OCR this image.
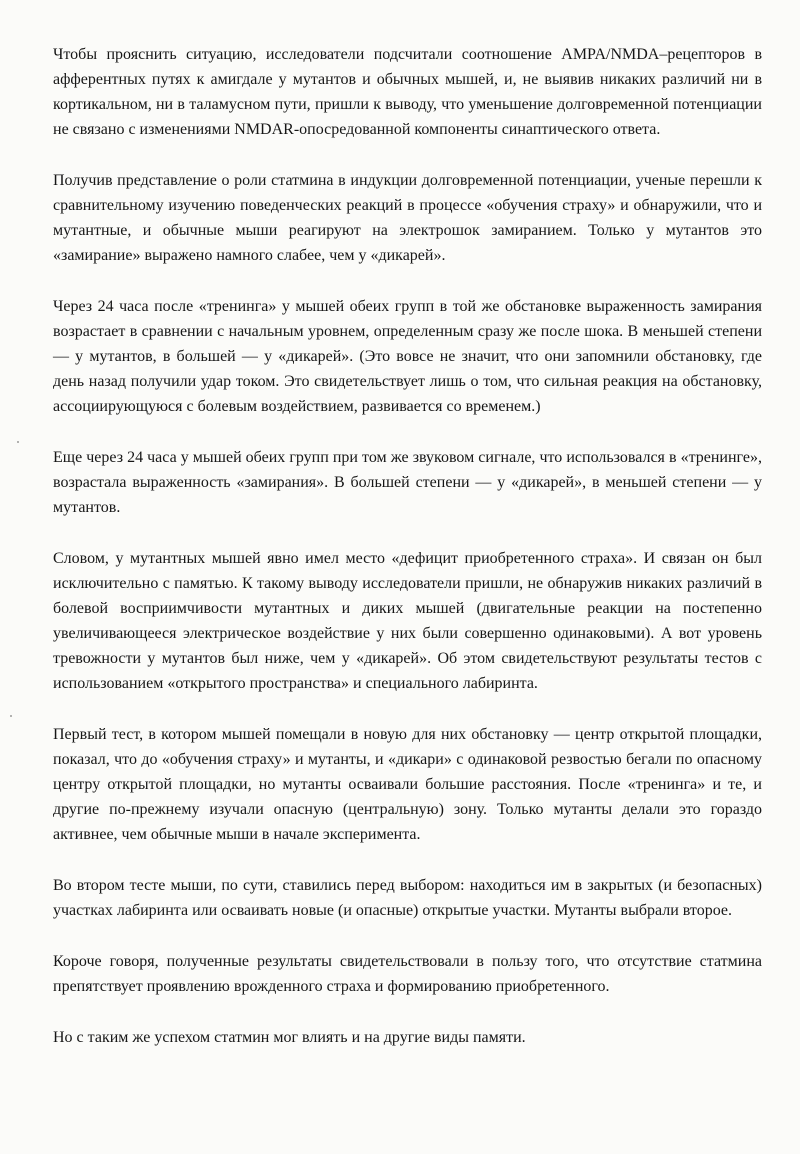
Чтобы прояснить ситуацию, исследователи подсчитали соотношение AMPA/NMDA–рецепторов в афферентных путях к амигдале у мутантов и обычных мышей, и, не выявив никаких различий ни в кортикальном, ни в таламусном пути, пришли к выводу, что уменьшение долговременной потенциации не связано с изменениями NMDAR-опосредованной компоненты синаптического ответа.

Получив представление о роли статмина в индукции долговременной потенциации, ученые перешли к сравнительному изучению поведенческих реакций в процессе «обучения страху» и обнаружили, что и мутантные, и обычные мыши реагируют на электрошок замиранием. Только у мутантов это «замирание» выражено намного слабее, чем у «дикарей».

Через 24 часа после «тренинга» у мышей обеих групп в той же обстановке выраженность замирания возрастает в сравнении с начальным уровнем, определенным сразу же после шока. В меньшей степени — у мутантов, в большей — у «дикарей». (Это вовсе не значит, что они запомнили обстановку, где день назад получили удар током. Это свидетельствует лишь о том, что сильная реакция на обстановку, ассоциирующуюся с болевым воздействием, развивается со временем.)

Еще через 24 часа у мышей обеих групп при том же звуковом сигнале, что использовался в «тренинге», возрастала выраженность «замирания». В большей степени — у «дикарей», в меньшей степени — у мутантов.

Словом, у мутантных мышей явно имел место «дефицит приобретенного страха». И связан он был исключительно с памятью. К такому выводу исследователи пришли, не обнаружив никаких различий в болевой восприимчивости мутантных и диких мышей (двигательные реакции на постепенно увеличивающееся электрическое воздействие у них были совершенно одинаковыми). А вот уровень тревожности у мутантов был ниже, чем у «дикарей». Об этом свидетельствуют результаты тестов с использованием «открытого пространства» и специального лабиринта.

Первый тест, в котором мышей помещали в новую для них обстановку — центр открытой площадки, показал, что до «обучения страху» и мутанты, и «дикари» с одинаковой резвостью бегали по опасному центру открытой площадки, но мутанты осваивали большие расстояния. После «тренинга» и те, и другие по-прежнему изучали опасную (центральную) зону. Только мутанты делали это гораздо активнее, чем обычные мыши в начале эксперимента.

Во втором тесте мыши, по сути, ставились перед выбором: находиться им в закрытых (и безопасных) участках лабиринта или осваивать новые (и опасные) открытые участки. Мутанты выбрали второе.

Короче говоря, полученные результаты свидетельствовали в пользу того, что отсутствие статмина препятствует проявлению врожденного страха и формированию приобретенного.

Но с таким же успехом статмин мог влиять и на другие виды памяти.
